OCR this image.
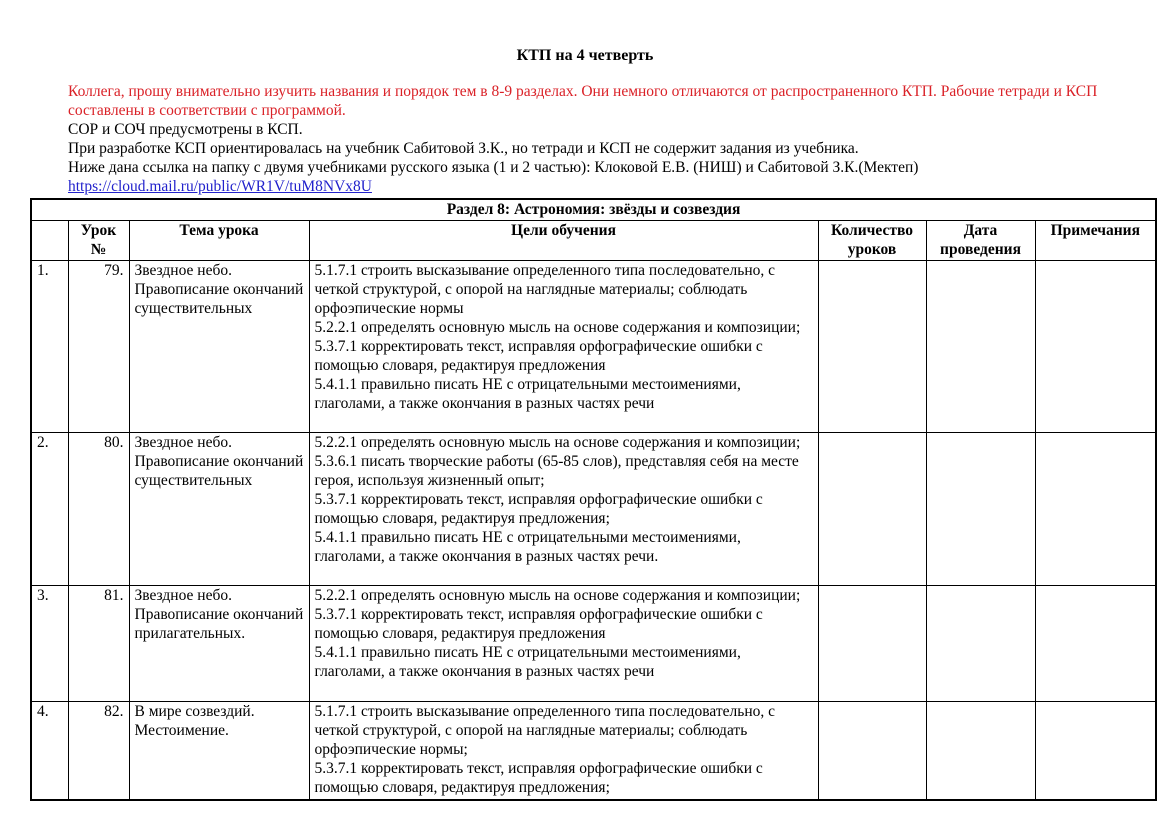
КТП на 4 четверть

Коллега, прошу внимательно изучить названия и порядок тем в 8-9 разделах. Они немного отличаются от распространенного КТП. Рабочие тетради и КСП составлены в соответствии с программой.

СОР и СОЧ предусмотрены в КСП.

При разработке КСП ориентировалась на учебник Сабитовой З.К., но тетради и КСП не содержит задания из учебника.

Ниже дана ссылка на папку с двумя учебниками русского языка (1 и 2 частью): Клоковой Е.В. (НИШ) и Сабитовой З.К.(Мектеп)

https://cloud.mail.ru/public/WR1V/tuM8NVx8U

Раздел 8: Астрономия: звёзды и созвездия						
	Урок №	Тема урока	Цели обучения	Количество уроков	Дата проведения	Примечания
1.	79.	Звездное небо. Правописание окончаний существительных	5.1.7.1 строить высказывание определенного типа последовательно, с четкой структурой, с опорой на наглядные материалы; соблюдать орфоэпические нормы
5.2.2.1 определять основную мысль на основе содержания и композиции;
5.3.7.1 корректировать текст, исправляя орфографические ошибки с помощью словаря, редактируя предложения
5.4.1.1 правильно писать НЕ с отрицательными местоимениями, глаголами, а также окончания в разных частях речи			

2.	80.	Звездное небо. Правописание окончаний существительных	5.2.2.1 определять основную мысль на основе содержания и композиции;
5.3.6.1 писать творческие работы (65-85 слов), представляя себя на месте героя, используя жизненный опыт;
5.3.7.1 корректировать текст, исправляя орфографические ошибки с помощью словаря, редактируя предложения;
5.4.1.1 правильно писать НЕ с отрицательными местоимениями, глаголами, а также окончания в разных частях речи.			

3.	81.	Звездное небо. Правописание окончаний прилагательных.	5.2.2.1 определять основную мысль на основе содержания и композиции;
5.3.7.1 корректировать текст, исправляя орфографические ошибки с помощью словаря, редактируя предложения
5.4.1.1 правильно писать НЕ с отрицательными местоимениями, глаголами, а также окончания в разных частях речи			

4.	82.	В мире созвездий. Местоимение.	5.1.7.1 строить высказывание определенного типа последовательно, с четкой структурой, с опорой на наглядные материалы; соблюдать орфоэпические нормы;
5.3.7.1 корректировать текст, исправляя орфографические ошибки с помощью словаря, редактируя предложения;			
